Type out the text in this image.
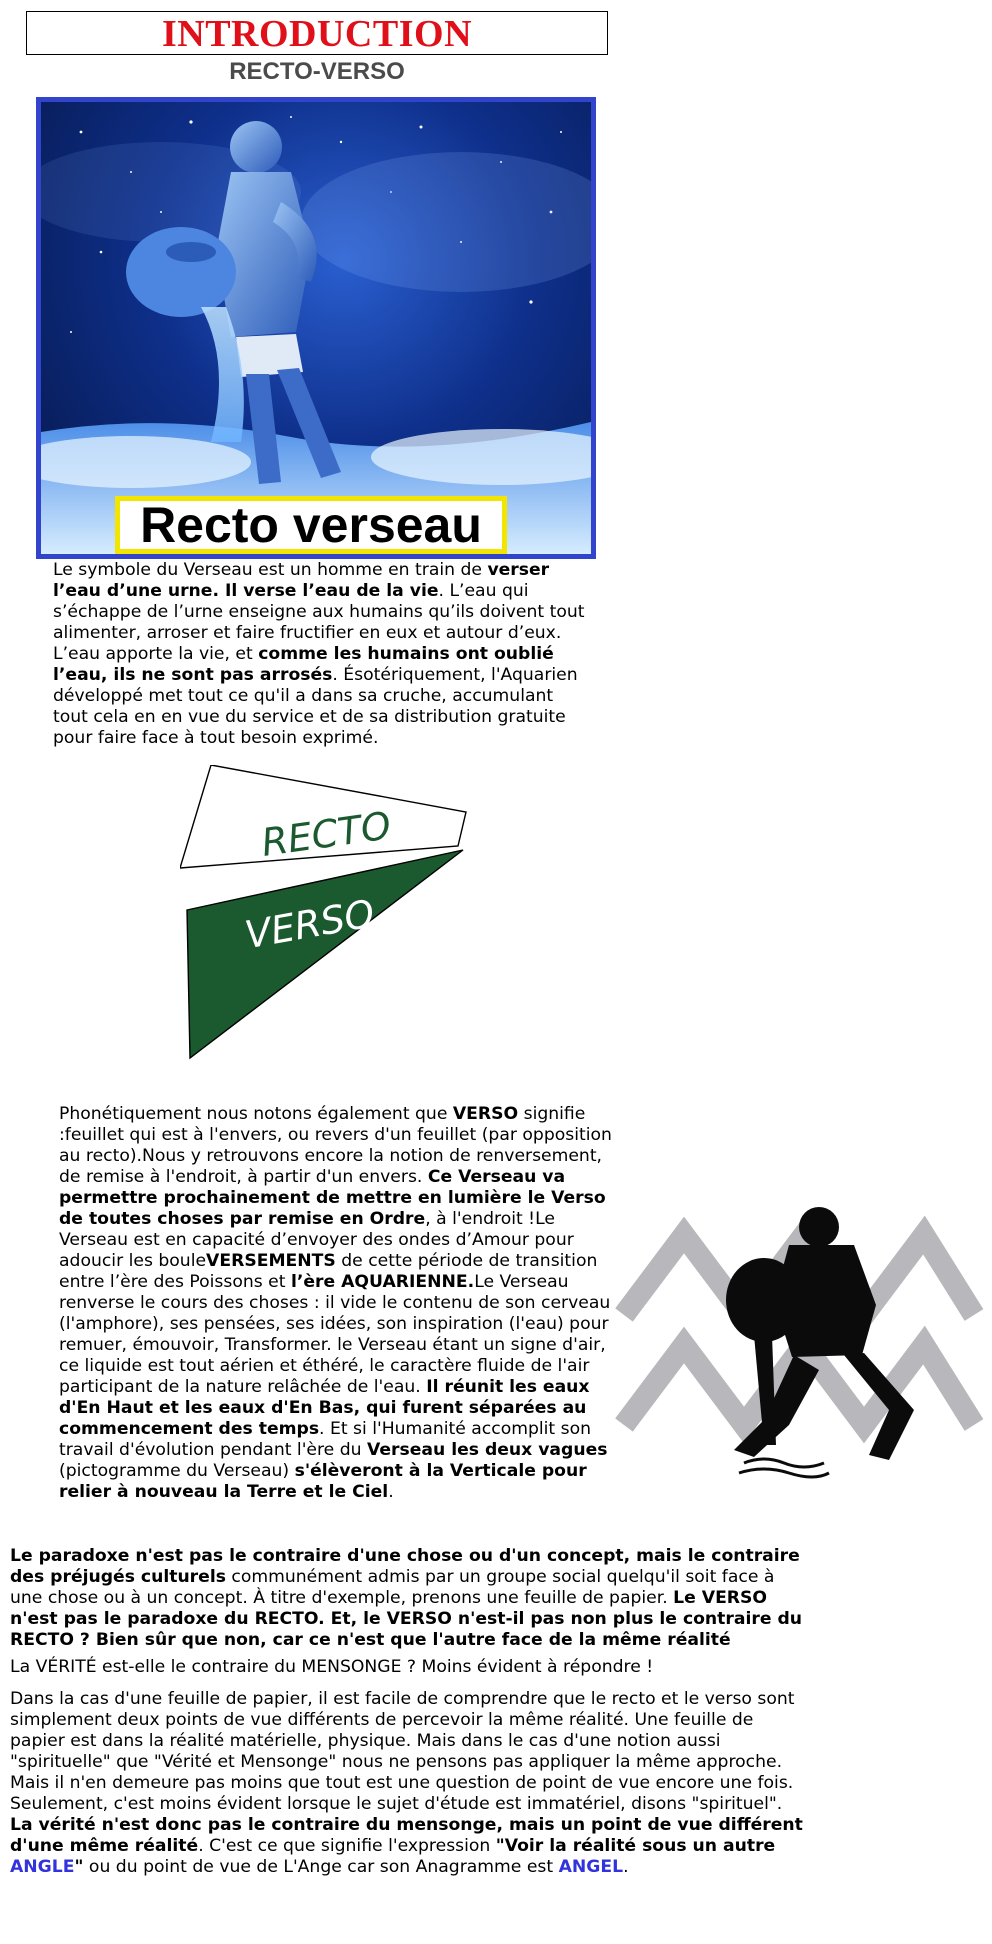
INTRODUCTION
RECTO-VERSO
Recto verseau
Le symbole du Verseau est un homme en train de verser l’eau d’une urne. Il verse l’eau de la vie. L’eau qui s’échappe de l’urne enseigne aux humains qu’ils doivent tout alimenter, arroser et faire fructifier en eux et autour d’eux. L’eau apporte la vie, et comme les humains ont oublié l’eau, ils ne sont pas arrosés. Ésotériquement, l'Aquarien développé met tout ce qu'il a dans sa cruche, accumulant tout cela en en vue du service et de sa distribution gratuite pour faire face à tout besoin exprimé.
RECTO
VERSO
Phonétiquement nous notons également que VERSO signifie :feuillet qui est à l'envers, ou revers d'un feuillet (par opposition au recto).Nous y retrouvons encore la notion de renversement, de remise à l'endroit, à partir d'un envers. Ce Verseau va permettre prochainement de mettre en lumière le Verso de toutes choses par remise en Ordre, à l'endroit !Le Verseau est en capacité d’envoyer des ondes d’Amour pour adoucir les bouleVERSEMENTS de cette période de transition entre l’ère des Poissons et l’ère AQUARIENNE.Le Verseau renverse le cours des choses : il vide le contenu de son cerveau (l'amphore), ses pensées, ses idées, son inspiration (l'eau) pour remuer, émouvoir, Transformer. le Verseau étant un signe d'air, ce liquide est tout aérien et éthéré, le caractère fluide de l'air participant de la nature relâchée de l'eau. Il réunit les eaux d'En Haut et les eaux d'En Bas, qui furent séparées au commencement des temps. Et si l'Humanité accomplit son travail d'évolution pendant l'ère du Verseau les deux vagues (pictogramme du Verseau) s'élèveront à la Verticale pour relier à nouveau la Terre et le Ciel.
Le paradoxe n'est pas le contraire d'une chose ou d'un concept, mais le contraire des préjugés culturels communément admis par un groupe social quelqu'il soit face à une chose ou à un concept. À titre d'exemple, prenons une feuille de papier. Le VERSO n'est pas le paradoxe du RECTO. Et, le VERSO n'est-il pas non plus le contraire du RECTO ? Bien sûr que non, car ce n'est que l'autre face de la même réalité
La VÉRITÉ est-elle le contraire du MENSONGE ? Moins évident à répondre !
Dans la cas d'une feuille de papier, il est facile de comprendre que le recto et le verso sont simplement deux points de vue différents de percevoir la même réalité. Une feuille de papier est dans la réalité matérielle, physique. Mais dans le cas d'une notion aussi "spirituelle" que "Vérité et Mensonge" nous ne pensons pas appliquer la même approche. Mais il n'en demeure pas moins que tout est une question de point de vue encore une fois. Seulement, c'est moins évident lorsque le sujet d'étude est immatériel, disons "spirituel". La vérité n'est donc pas le contraire du mensonge, mais un point de vue différent d'une même réalité. C'est ce que signifie l'expression "Voir la réalité sous un autre ANGLE" ou du point de vue de L'Ange car son Anagramme est ANGEL.
